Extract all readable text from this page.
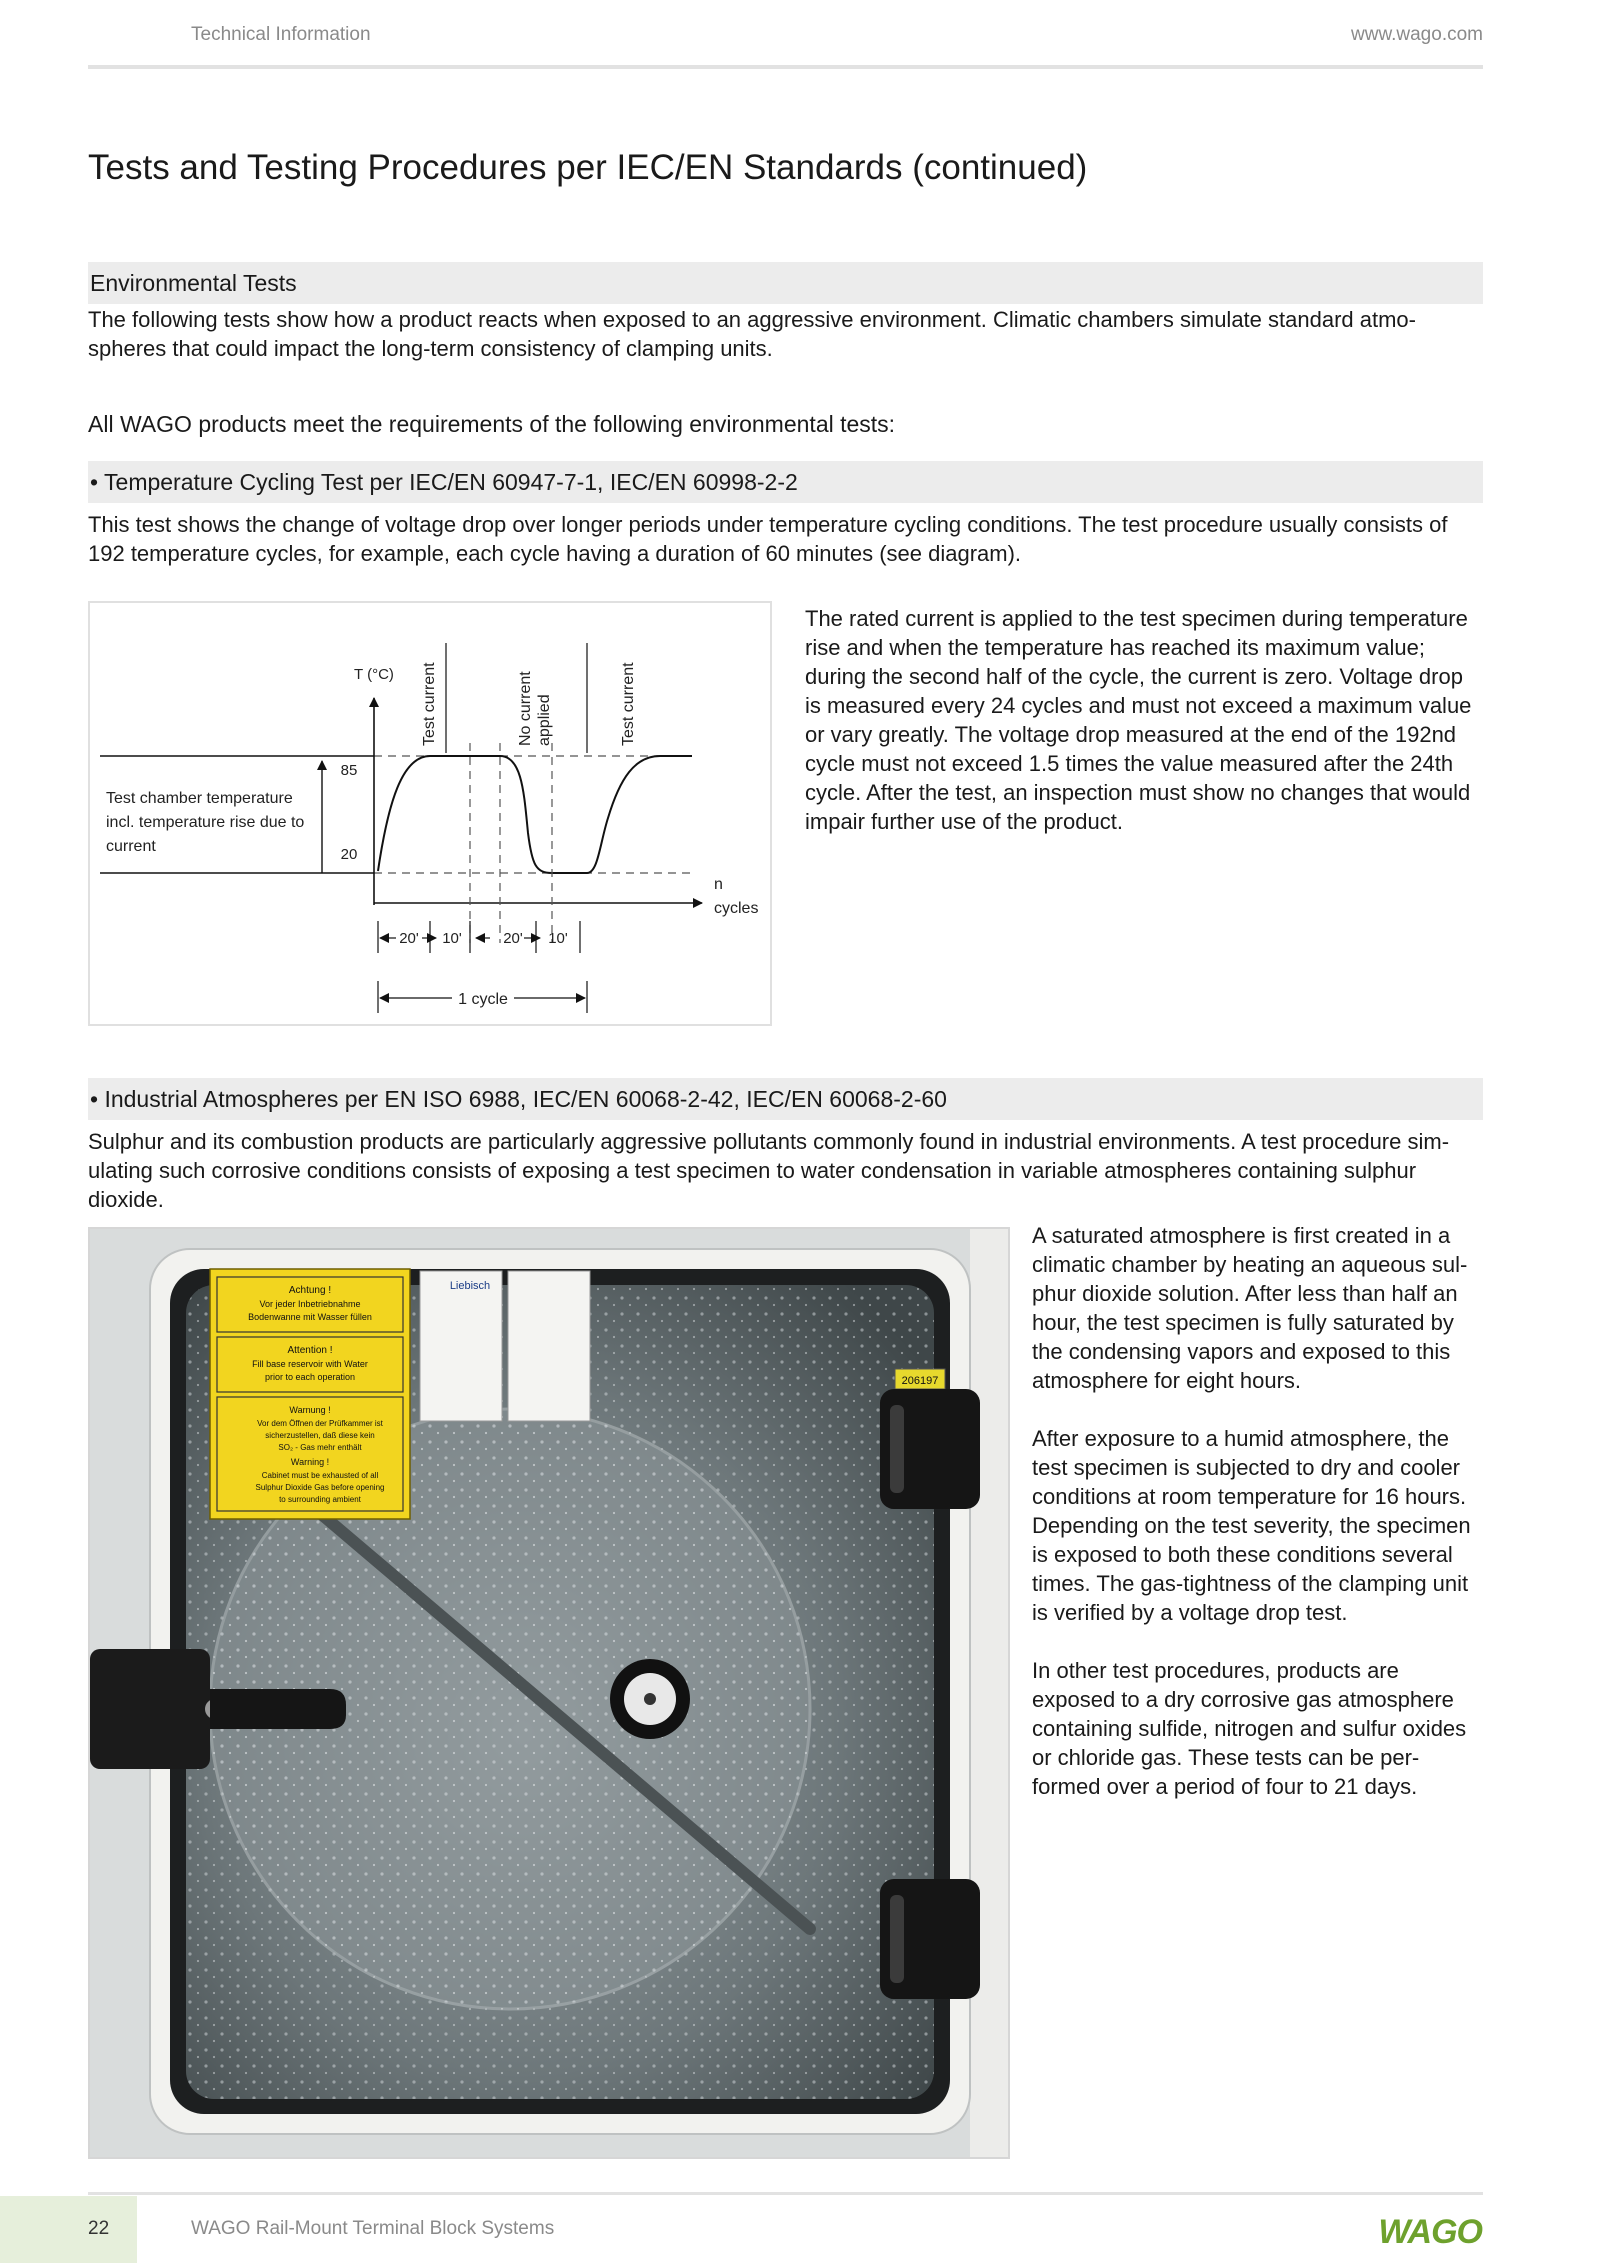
Technical Information	www.wago.com
Tests and Testing Procedures per IEC/EN Standards (continued)
Environmental Tests
The following tests show how a product reacts when exposed to an aggressive environment. Climatic chambers simulate standard atmo-
spheres that could impact the long-term consistency of clamping units.
All WAGO products meet the requirements of the following environmental tests:
• Temperature Cycling Test per IEC/EN 60947-7-1, IEC/EN 60998-2-2
This test shows the change of voltage drop over longer periods under temperature cycling conditions. The test procedure usually consists of
192 temperature cycles, for example, each cycle having a duration of 60 minutes (see diagram).
85
20
T (°C)
n
cycles
Test current	No current applied	Test current
Test chamber temperature
incl. temperature rise due to
current
20' 10'	20' 10'
1 cycle
The rated current is applied to the test specimen during temperature
rise and when the temperature has reached its maximum value;
during the second half of the cycle, the current is zero. Voltage drop
is measured every 24 cycles and must not exceed a maximum value
or vary greatly. The voltage drop measured at the end of the 192nd
cycle must not exceed 1.5 times the value measured after the 24th
cycle. After the test, an inspection must show no changes that would
impair further use of the product.
• Industrial Atmospheres per EN ISO 6988, IEC/EN 60068-2-42, IEC/EN 60068-2-60
Sulphur and its combustion products are particularly aggressive pollutants commonly found in industrial environments. A test procedure sim-
ulating such corrosive conditions consists of exposing a test specimen to water condensation in variable atmospheres containing sulphur
dioxide.
Achtung !
Vor jeder Inbetriebnahme
Bodenwanne mit Wasser füllen
Attention !
Fill base reservoir with Water
prior to each operation
Warnung !
Vor dem Öffnen der Prüfkammer ist
sicherzustellen, daß diese kein
SO₂ - Gas mehr enthält
Warning !
Cabinet must be exhausted of all
Sulphur Dioxide Gas before opening
to surrounding ambient
Liebisch
206197
A saturated atmosphere is first created in a
climatic chamber by heating an aqueous sul-
phur dioxide solution. After less than half an
hour, the test specimen is fully saturated by
the condensing vapors and exposed to this
atmosphere for eight hours.
After exposure to a humid atmosphere, the
test specimen is subjected to dry and cooler
conditions at room temperature for 16 hours.
Depending on the test severity, the specimen
is exposed to both these conditions several
times. The gas-tightness of the clamping unit
is verified by a voltage drop test.
In other test procedures, products are
exposed to a dry corrosive gas atmosphere
containing sulfide, nitrogen and sulfur oxides
or chloride gas. These tests can be per-
formed over a period of four to 21 days.
22	WAGO Rail-Mount Terminal Block Systems	WAGO
